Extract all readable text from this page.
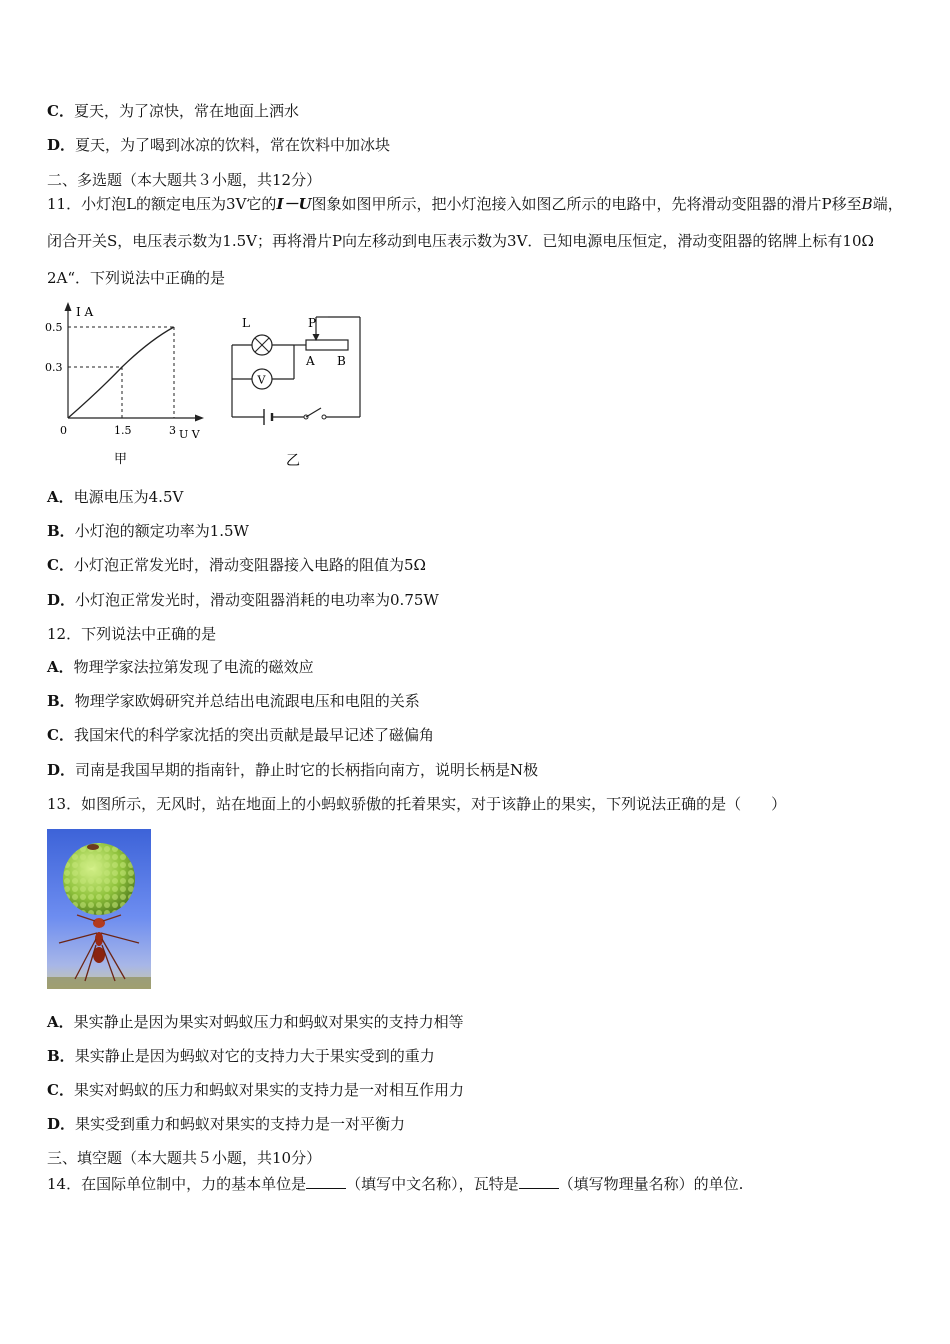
C．夏天，为了凉快，常在地面上洒水
D．夏天，为了喝到冰凉的饮料，常在饮料中加冰块
二、多选题（本大题共３小题，共12分）
11．小灯泡L的额定电压为3V它的I－U图象如图甲所示，把小灯泡接入如图乙所示的电路中，先将滑动变阻器的滑片P移至B端，闭合开关S，电压表示数为1.5V；再将滑片P向左移动到电压表示数为3V．已知电源电压恒定，滑动变阻器的铭牌上标有10Ω 2A“．下列说法中正确的是
I A
0.5
0.3
0	1.5	3 U V
甲
L
V
P
A B
乙
A．电源电压为4.5V
B．小灯泡的额定功率为1.5W
C．小灯泡正常发光时，滑动变阻器接入电路的阻值为5Ω
D．小灯泡正常发光时，滑动变阻器消耗的电功率为0.75W
12．下列说法中正确的是
A．物理学家法拉第发现了电流的磁效应
B．物理学家欧姆研究并总结出电流跟电压和电阻的关系
C．我国宋代的科学家沈括的突出贡献是最早记述了磁偏角
D．司南是我国早期的指南针，静止时它的长柄指向南方，说明长柄是N极
13．如图所示，无风时，站在地面上的小蚂蚁骄傲的托着果实，对于该静止的果实，下列说法正确的是（　　）
A．果实静止是因为果实对蚂蚁压力和蚂蚁对果实的支持力相等
B．果实静止是因为蚂蚁对它的支持力大于果实受到的重力
C．果实对蚂蚁的压力和蚂蚁对果实的支持力是一对相互作用力
D．果实受到重力和蚂蚁对果实的支持力是一对平衡力
三、填空题（本大题共５小题，共10分）
14．在国际单位制中，力的基本单位是	（填写中文名称），瓦特是	（填写物理量名称）的单位.
